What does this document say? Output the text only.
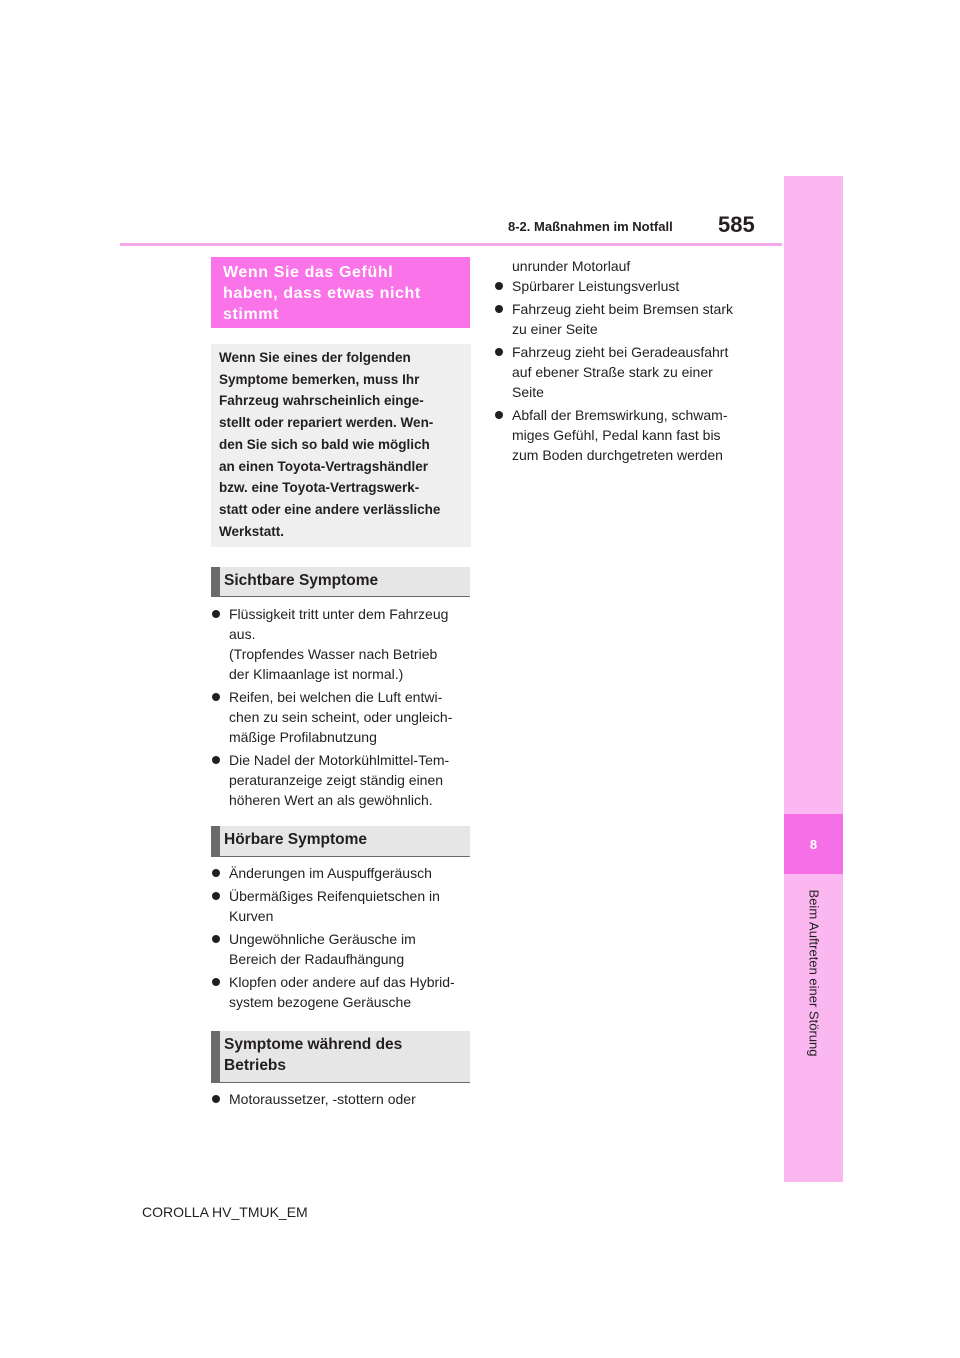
585
8-2. Maßnahmen im Notfall
8
Beim Auftreten einer Störung
Wenn Sie das Gefühl
haben, dass etwas nicht
stimmt
Wenn Sie eines der folgenden
Symptome bemerken, muss Ihr
Fahrzeug wahrscheinlich einge-
stellt oder repariert werden. Wen-
den Sie sich so bald wie möglich
an einen Toyota-Vertragshändler
bzw. eine Toyota-Vertragswerk-
statt oder eine andere verlässliche
Werkstatt.
Sichtbare Symptome
Flüssigkeit tritt unter dem Fahrzeug
aus.
(Tropfendes Wasser nach Betrieb
der Klimaanlage ist normal.)
Reifen, bei welchen die Luft entwi-
chen zu sein scheint, oder ungleich-
mäßige Profilabnutzung
Die Nadel der Motorkühlmittel-Tem-
peraturanzeige zeigt ständig einen
höheren Wert an als gewöhnlich.
Hörbare Symptome
Änderungen im Auspuffgeräusch
Übermäßiges Reifenquietschen in
Kurven
Ungewöhnliche Geräusche im
Bereich der Radaufhängung
Klopfen oder andere auf das Hybrid-
system bezogene Geräusche
Symptome während des
Betriebs
Motoraussetzer, -stottern oder
unrunder Motorlauf
Spürbarer Leistungsverlust
Fahrzeug zieht beim Bremsen stark
zu einer Seite
Fahrzeug zieht bei Geradeausfahrt
auf ebener Straße stark zu einer
Seite
Abfall der Bremswirkung, schwam-
miges Gefühl, Pedal kann fast bis
zum Boden durchgetreten werden
COROLLA HV_TMUK_EM
